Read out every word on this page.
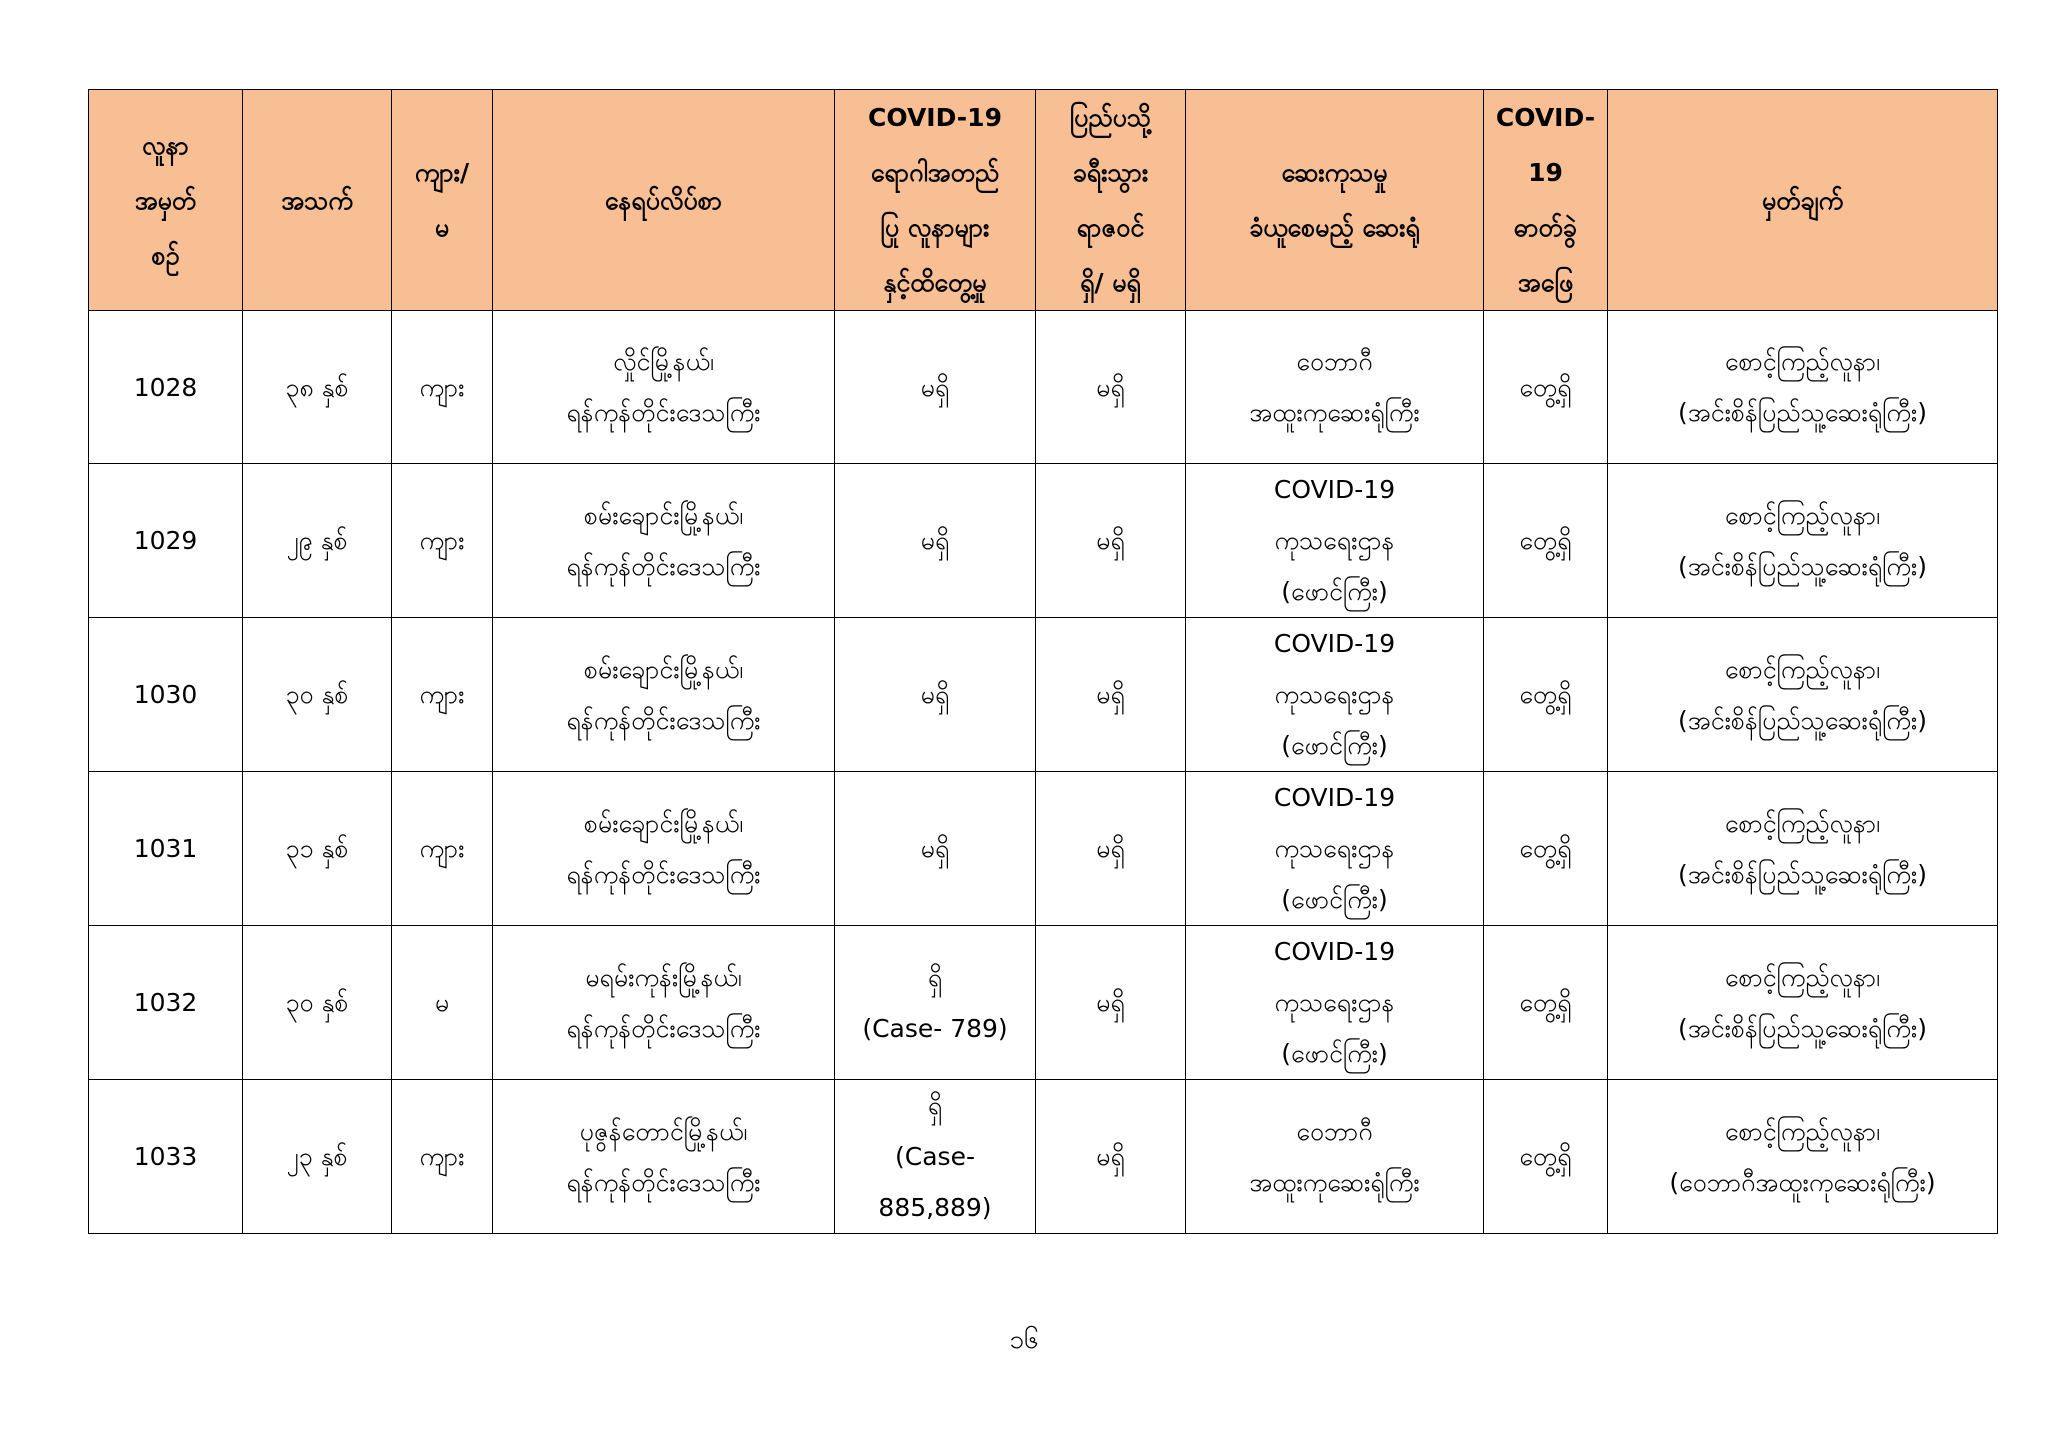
လူနာ
အမှတ်
စဉ်	အသက်	ကျား/
မ	နေရပ်လိပ်စာ	COVID-19
ရောဂါအတည်
ပြု လူနာများ
နှင့်ထိတွေ့မှု	ပြည်ပသို့
ခရီးသွား
ရာဇဝင်
ရှိ/ မရှိ	ဆေးကုသမှု
ခံယူစေမည့် ဆေးရုံ	COVID-
19
ဓာတ်ခွဲ
အဖြေ	မှတ်ချက်
1028	၃၈ နှစ်	ကျား	လှိုင်မြို့နယ်၊
ရန်ကုန်တိုင်းဒေသကြီး	မရှိ	မရှိ	ဝေဘာဂီ
အထူးကုဆေးရုံကြီး	တွေ့ရှိ	စောင့်ကြည့်လူနာ၊
(အင်းစိန်ပြည်သူ့ဆေးရုံကြီး)
1029	၂၉ နှစ်	ကျား	စမ်းချောင်းမြို့နယ်၊
ရန်ကုန်တိုင်းဒေသကြီး	မရှိ	မရှိ	COVID-19
ကုသရေးဌာန
(ဖောင်ကြီး)	တွေ့ရှိ	စောင့်ကြည့်လူနာ၊
(အင်းစိန်ပြည်သူ့ဆေးရုံကြီး)
1030	၃၀ နှစ်	ကျား	စမ်းချောင်းမြို့နယ်၊
ရန်ကုန်တိုင်းဒေသကြီး	မရှိ	မရှိ	COVID-19
ကုသရေးဌာန
(ဖောင်ကြီး)	တွေ့ရှိ	စောင့်ကြည့်လူနာ၊
(အင်းစိန်ပြည်သူ့ဆေးရုံကြီး)
1031	၃၁ နှစ်	ကျား	စမ်းချောင်းမြို့နယ်၊
ရန်ကုန်တိုင်းဒေသကြီး	မရှိ	မရှိ	COVID-19
ကုသရေးဌာန
(ဖောင်ကြီး)	တွေ့ရှိ	စောင့်ကြည့်လူနာ၊
(အင်းစိန်ပြည်သူ့ဆေးရုံကြီး)
1032	၃၀ နှစ်	မ	မရမ်းကုန်းမြို့နယ်၊
ရန်ကုန်တိုင်းဒေသကြီး	ရှိ
(Case- 789)	မရှိ	COVID-19
ကုသရေးဌာန
(ဖောင်ကြီး)	တွေ့ရှိ	စောင့်ကြည့်လူနာ၊
(အင်းစိန်ပြည်သူ့ဆေးရုံကြီး)
1033	၂၃ နှစ်	ကျား	ပုဇွန်တောင်မြို့နယ်၊
ရန်ကုန်တိုင်းဒေသကြီး	ရှိ
(Case-
885,889)	မရှိ	ဝေဘာဂီ
အထူးကုဆေးရုံကြီး	တွေ့ရှိ	စောင့်ကြည့်လူနာ၊
(ဝေဘာဂီအထူးကုဆေးရုံကြီး)
၁၆
